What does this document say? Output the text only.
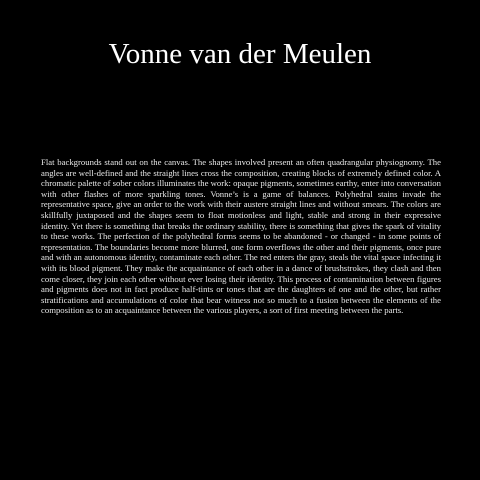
Vonne van der Meulen

Flat backgrounds stand out on the canvas. The shapes involved present an often quadrangular physiognomy. The angles are well-defined and the straight lines cross the composition, creating blocks of extremely defined color. A chromatic palette of sober colors illuminates the work: opaque pigments, sometimes earthy, enter into conversation with other flashes of more sparkling tones. Vonne’s is a game of balances. Polyhedral stains invade the representative space, give an order to the work with their austere straight lines and without smears. The colors are skillfully juxtaposed and the shapes seem to float motionless and light, stable and strong in their expressive identity. Yet there is something that breaks the ordinary stability, there is something that gives the spark of vitality to these works. The perfection of the polyhedral forms seems to be abandoned - or changed - in some points of representation. The boundaries become more blurred, one form overflows the other and their pigments, once pure and with an autonomous identity, contaminate each other. The red enters the gray, steals the vital space infecting it with its blood pigment. They make the acquaintance of each other in a dance of brushstrokes, they clash and then come closer, they join each other without ever losing their identity. This process of contamination between figures and pigments does not in fact produce half-tints or tones that are the daughters of one and the other, but rather stratifications and accumulations of color that bear witness not so much to a fusion between the elements of the composition as to an acquaintance between the various players, a sort of first meeting between the parts.
